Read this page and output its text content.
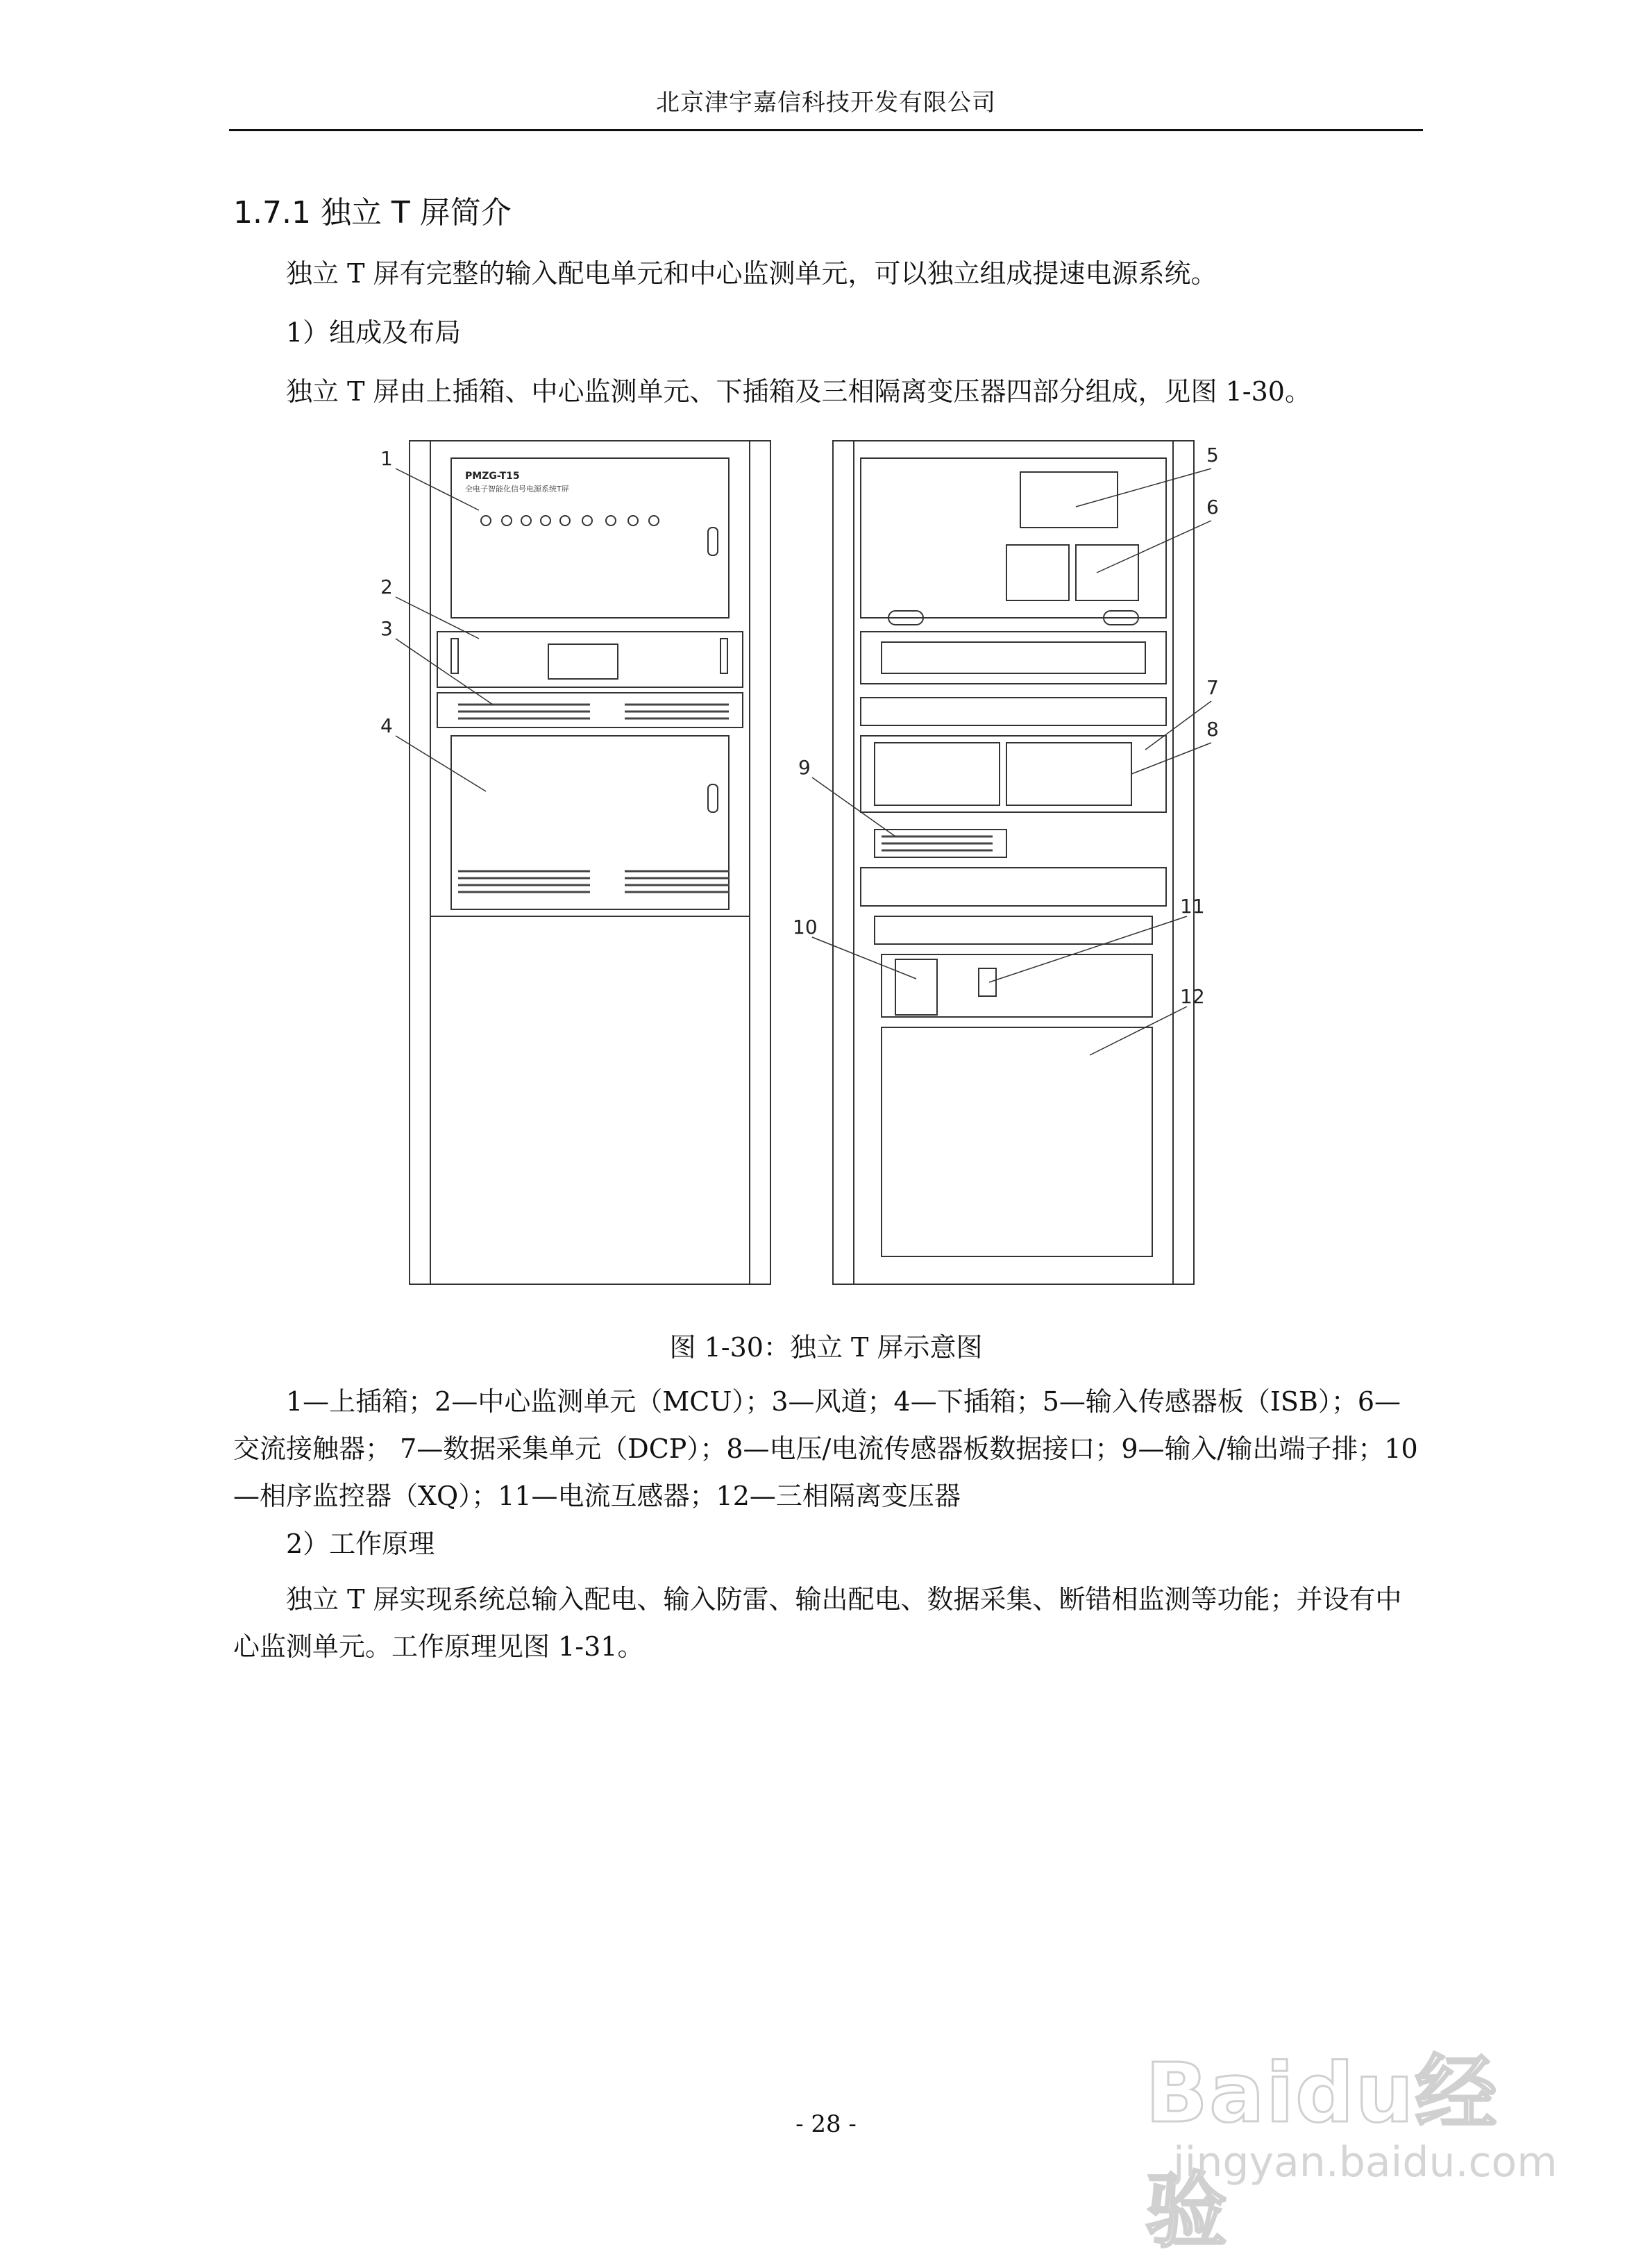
北京津宇嘉信科技开发有限公司
1.7.1 独立 T 屏简介
独立 T 屏有完整的输入配电单元和中心监测单元，可以独立组成提速电源系统。
1）组成及布局
独立 T 屏由上插箱、中心监测单元、下插箱及三相隔离变压器四部分组成，见图 1-30。
PMZG-T15
全电子智能化信号电源系统T屏
1
2
3
4
5
6
7
8
9
10
11
12
图 1-30：独立 T 屏示意图
1—上插箱；2—中心监测单元（MCU）；3—风道；4—下插箱；5—输入传感器板（ISB）；6—交流接触器； 7—数据采集单元（DCP）；8—电压/电流传感器板数据接口；9—输入/输出端子排；10—相序监控器（XQ）；11—电流互感器；12—三相隔离变压器
2）工作原理
独立 T 屏实现系统总输入配电、输入防雷、输出配电、数据采集、断错相监测等功能；并设有中心监测单元。工作原理见图 1-31。
- 28 -	Baidu经验
jingyan.baidu.com
